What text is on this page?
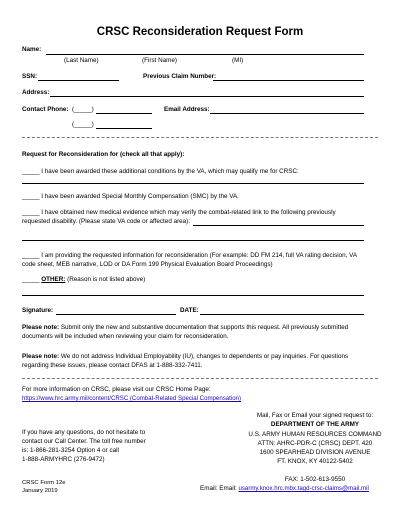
CRSC Reconsideration Request Form
Name:
(Last Name)	(First Name)	(MI)
SSN:	Previous Claim Number:
Address:
Contact Phone: (_____)	Email Address:
(_____)
Request for Reconsideration for (check all that apply):
_____ I have been awarded these additional conditions by the VA, which may qualify me for CRSC:
_____ I have been awarded Special Monthly Compensation (SMC) by the VA.
_____ I have obtained new medical evidence which may verify the combat-related link to the following previously
requested disability. (Please state VA code or affected area):
_____ I am providing the requested information for reconsideration (For example: DD FM 214, full VA rating decision, VA
code sheet, MEB narrative, LOD or DA Form 199 Physical Evaluation Board Proceedings)
_____ OTHER: (Reason is not listed above)
Signature:	DATE:
Please note: Submit only the new and substantive documentation that supports this request. All previously submitted
documents will be included when reviewing your claim for reconsideration.
Please note: We do not address Individual Employability (IU), changes to dependents or pay inquiries. For questions
regarding these issues, please contact DFAS at 1-888-332-7411.
For more information on CRSC, please visit our CRSC Home Page:
https://www.hrc.army.mil/content/CRSC (Combat-Related Special Compensation)
Mail, Fax or Email your signed request to:
DEPARTMENT OF THE ARMY
U.S. ARMY HUMAN RESOURCES COMMAND
ATTN: AHRC-PDR-C (CRSC) DEPT. 420
1600 SPEARHEAD DIVISION AVENUE
FT. KNOX, KY 40122-5402
If you have any questions, do not hesitate to
contact our Call Center. The toll free number
is: 1-866-281-3254 Option 4 or call
1-888-ARMYHRC (276-9472)
FAX: 1-502-613-9550
Email: Email: usarmy.knox.hrc.mbx.tagd-crsc-claims@mail.mil
CRSC Form 12e
January 2019
